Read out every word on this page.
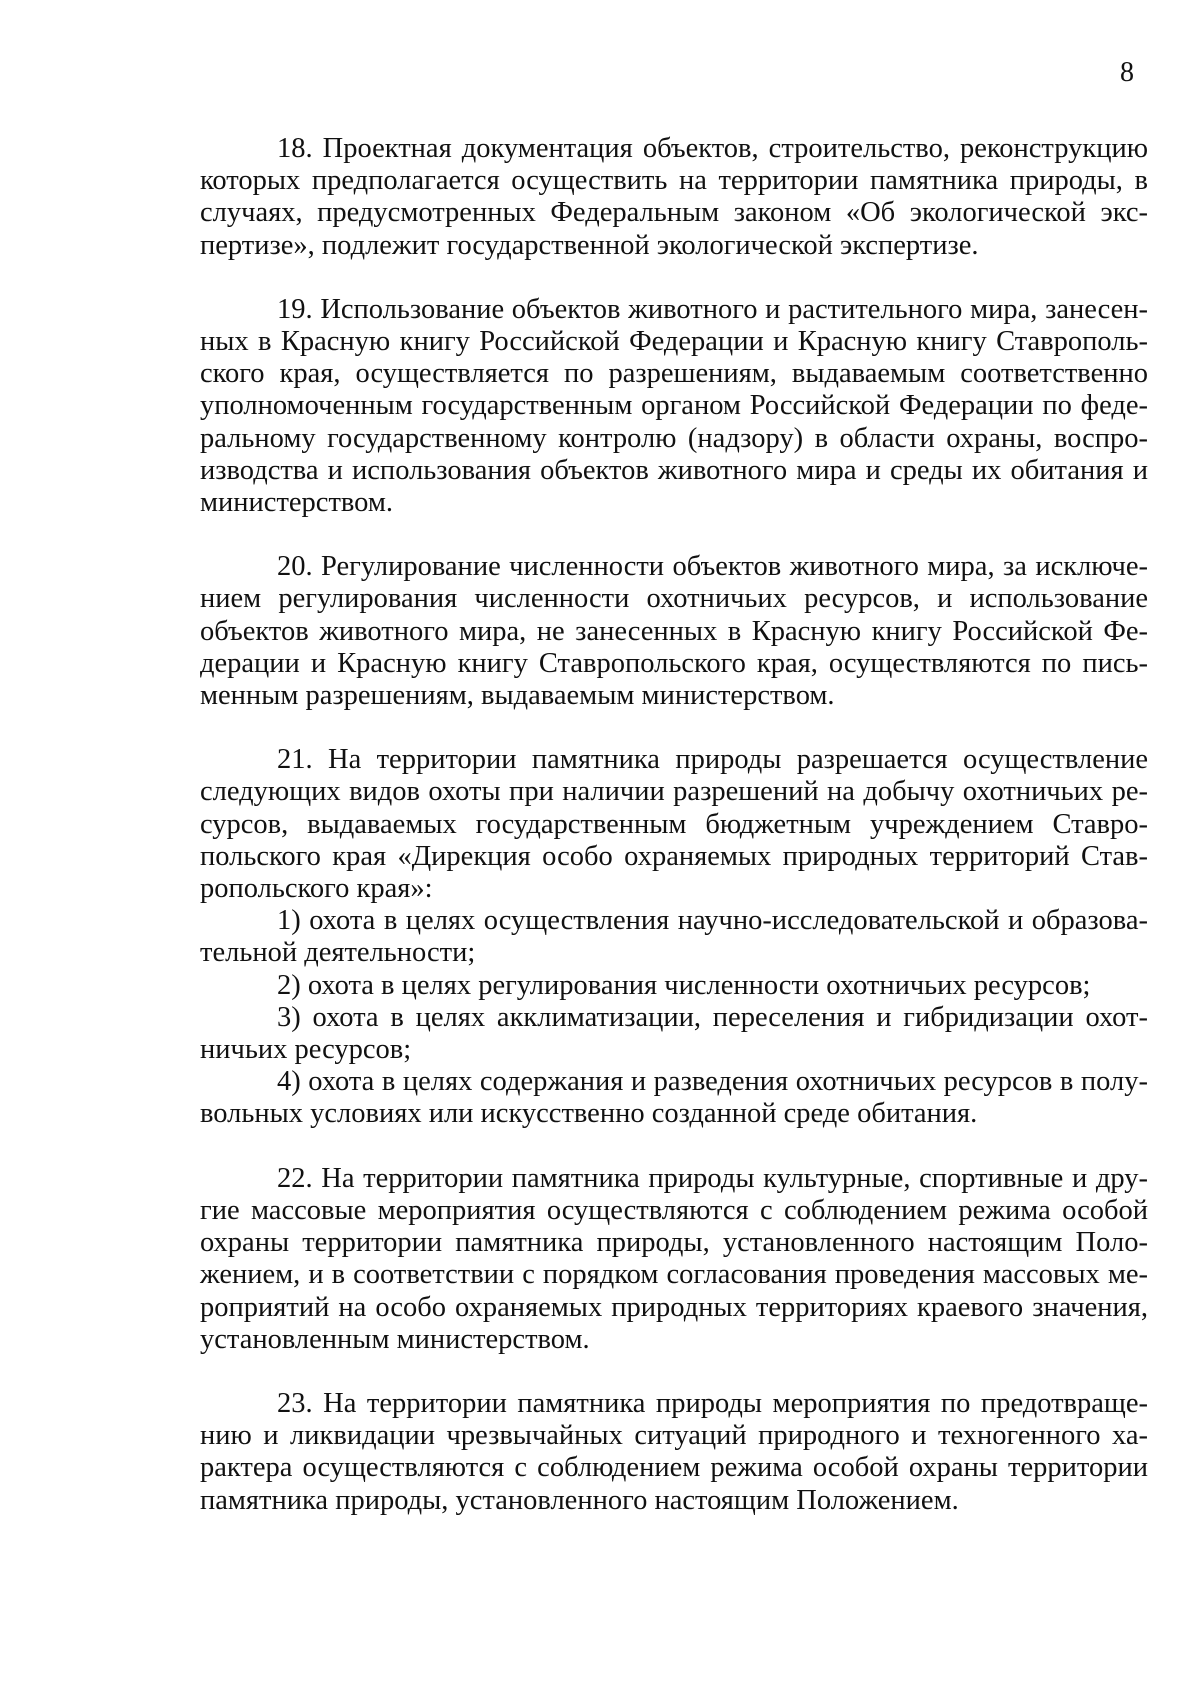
8

18. Проектная документация объектов, строительство, реконструкцию которых предполагается осуществить на территории памятника природы, в случаях, предусмотренных Федеральным законом «Об экологической экспертизе», подлежит государственной экологической экспертизе.

19. Использование объектов животного и растительного мира, занесенных в Красную книгу Российской Федерации и Красную книгу Ставропольского края, осуществляется по разрешениям, выдаваемым соответственно уполномоченным государственным органом Российской Федерации по федеральному государственному контролю (надзору) в области охраны, воспроизводства и использования объектов животного мира и среды их обитания и министерством.

20. Регулирование численности объектов животного мира, за исключением регулирования численности охотничьих ресурсов, и использование объектов животного мира, не занесенных в Красную книгу Российской Федерации и Красную книгу Ставропольского края, осуществляются по письменным разрешениям, выдаваемым министерством.

21. На территории памятника природы разрешается осуществление следующих видов охоты при наличии разрешений на добычу охотничьих ресурсов, выдаваемых государственным бюджетным учреждением Ставропольского края «Дирекция особо охраняемых природных территорий Ставропольского края»:

1) охота в целях осуществления научно-исследовательской и образовательной деятельности;

2) охота в целях регулирования численности охотничьих ресурсов;

3) охота в целях акклиматизации, переселения и гибридизации охотничьих ресурсов;

4) охота в целях содержания и разведения охотничьих ресурсов в полувольных условиях или искусственно созданной среде обитания.

22. На территории памятника природы культурные, спортивные и другие массовые мероприятия осуществляются с соблюдением режима особой охраны территории памятника природы, установленного настоящим Положением, и в соответствии с порядком согласования проведения массовых мероприятий на особо охраняемых природных территориях краевого значения, установленным министерством.

23. На территории памятника природы мероприятия по предотвращению и ликвидации чрезвычайных ситуаций природного и техногенного характера осуществляются с соблюдением режима особой охраны территории памятника природы, установленного настоящим Положением.
